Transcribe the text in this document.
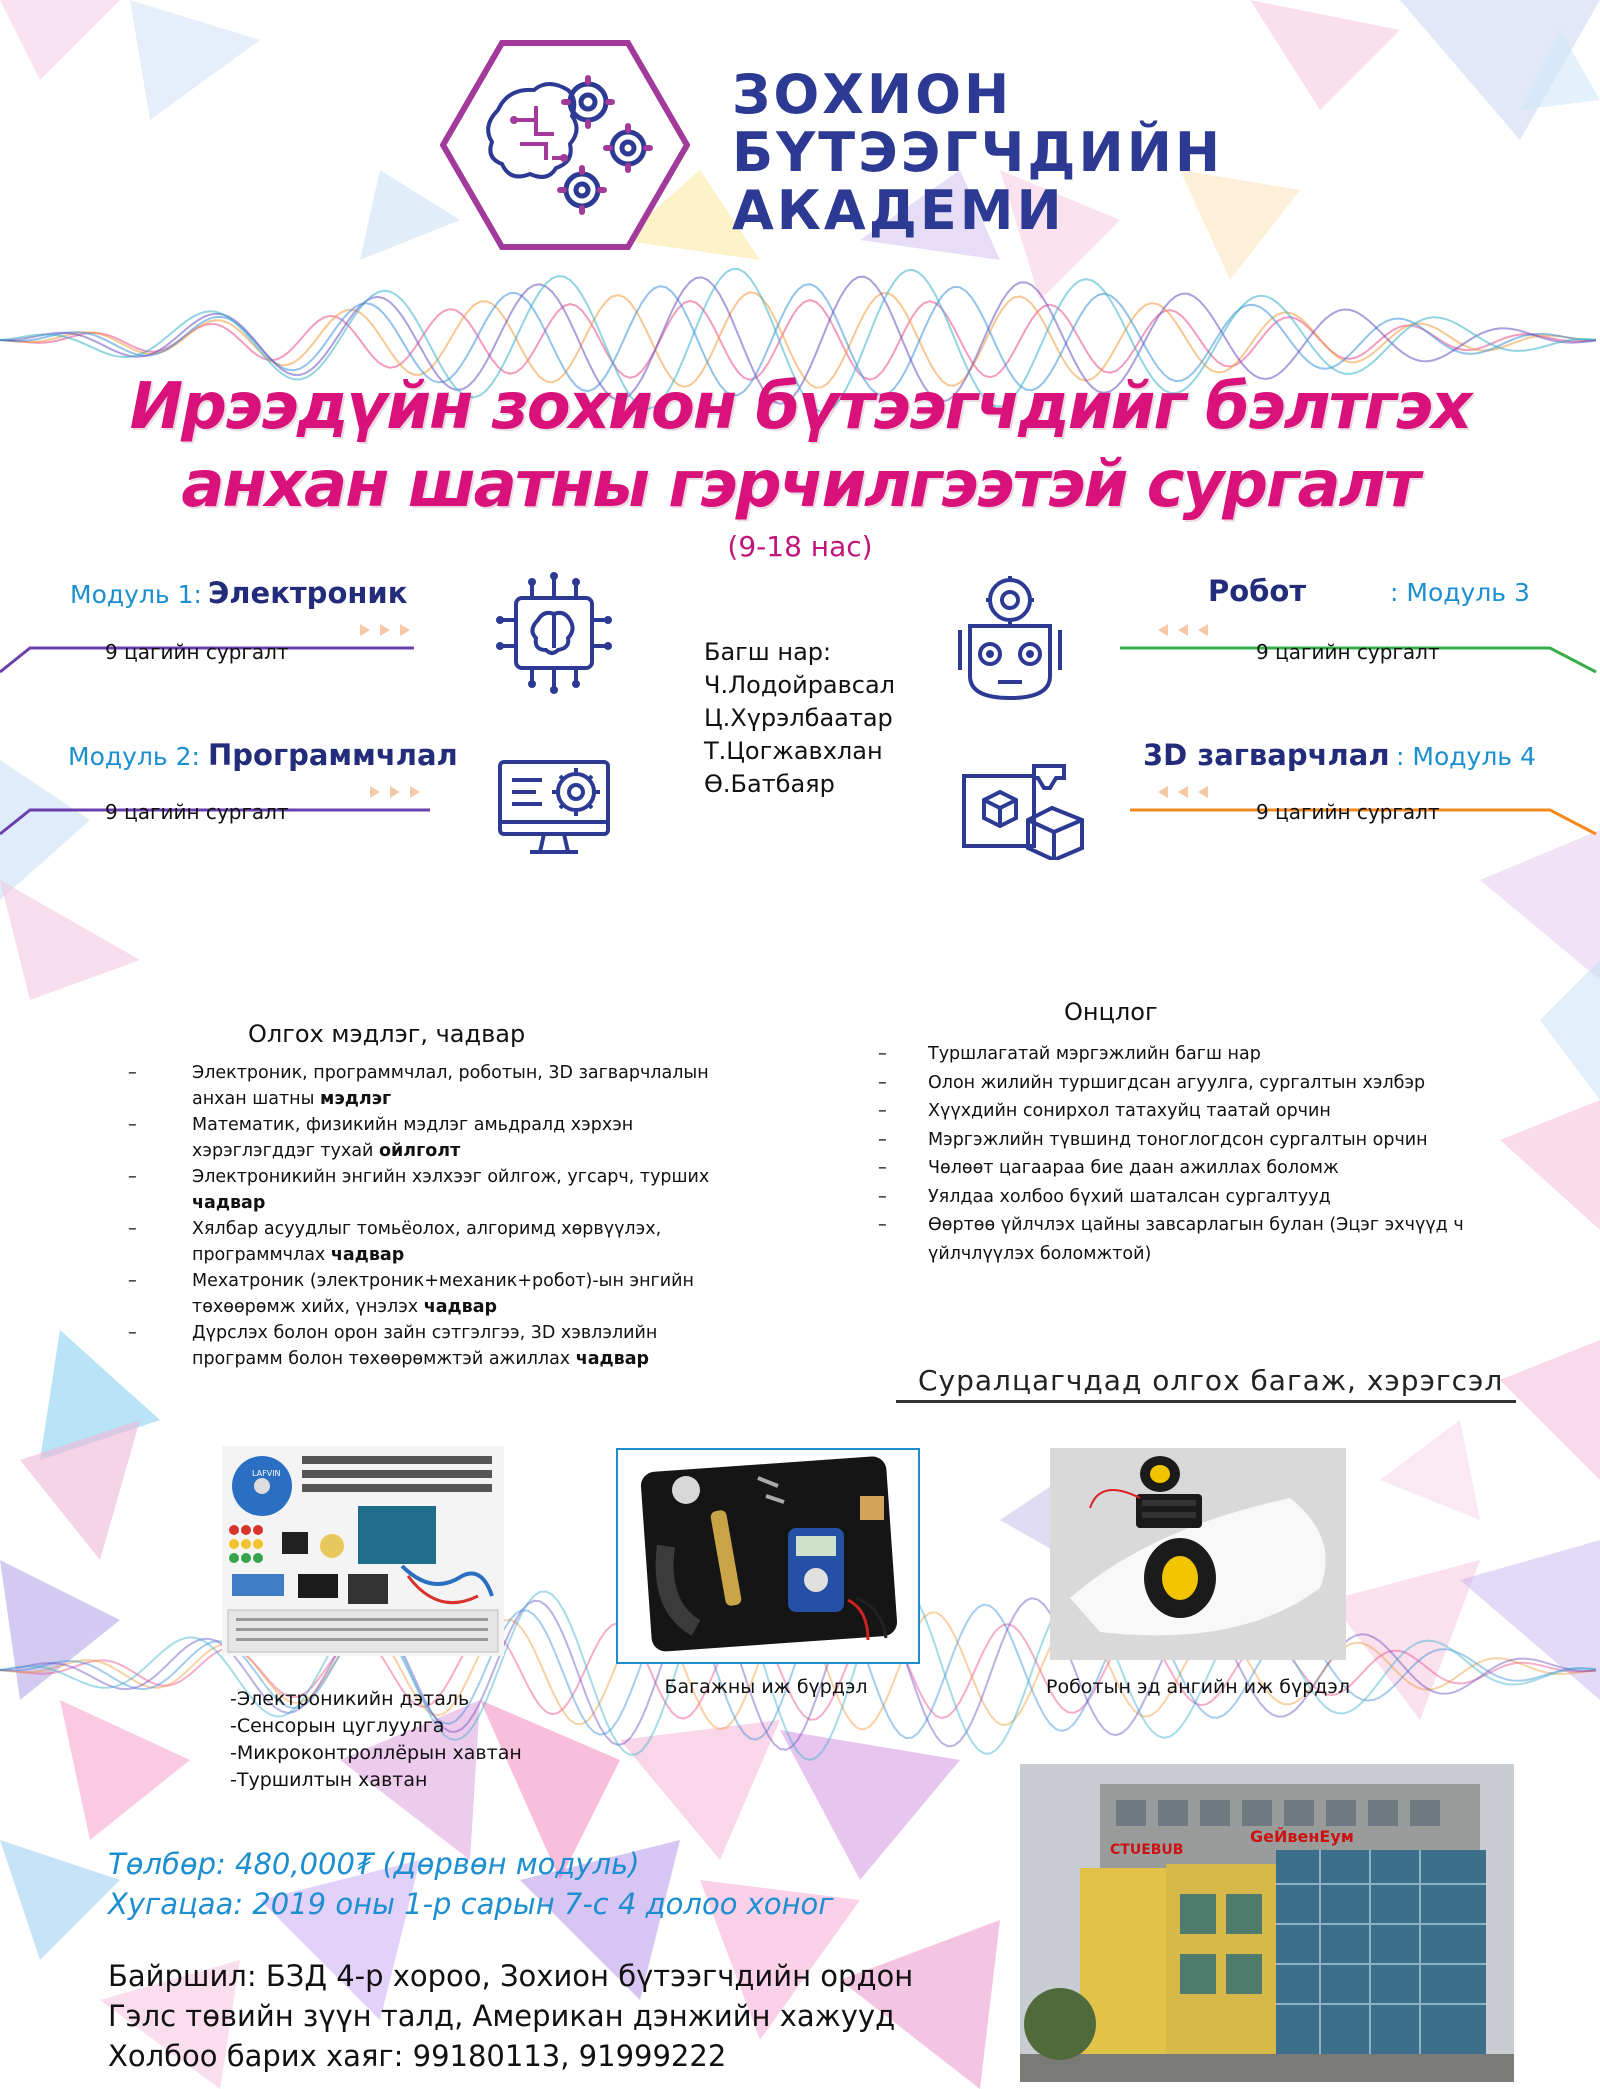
ЗОХИОН
БҮТЭЭГЧДИЙН
АКАДЕМИ
Ирээдүйн зохион бүтээгчдийг бэлтгэх
анхан шатны гэрчилгээтэй сургалт
(9-18 нас)
Модуль 1: Электроник
9 цагийн сургалт
Модуль 2: Программчлал
9 цагийн сургалт
Робот	: Модуль 3
9 цагийн сургалт
3D загварчлал : Модуль 4
9 цагийн сургалт
Багш нар:
Ч.Лодойравсал
Ц.Хүрэлбаатар
Т.Цогжавхлан
Ө.Батбаяр
Олгох мэдлэг, чадвар
–	Электроник, программчлал, роботын, 3D загварчлалын анхан шатны мэдлэг
–	Математик, физикийн мэдлэг амьдралд хэрхэн хэрэглэгддэг тухай ойлголт
–	Электроникийн энгийн хэлхээг ойлгож, угсарч, турших чадвар
–	Хялбар асуудлыг томьёолох, алгоримд хөрвүүлэх, программчлах чадвар
–	Мехатроник (электроник+механик+робот)-ын энгийн төхөөрөмж хийх, үнэлэх чадвар
–	Дүрслэх болон орон зайн сэтгэлгээ, 3D хэвлэлийн программ болон төхөөрөмжтэй ажиллах чадвар
Онцлог
– Туршлагатай мэргэжлийн багш нар
– Олон жилийн туршигдсан агуулга, сургалтын хэлбэр
– Хүүхдийн сонирхол татахуйц таатай орчин
– Мэргэжлийн түвшинд тоноглогдсон сургалтын орчин
– Чөлөөт цагаараа бие даан ажиллах боломж
– Уялдаа холбоо бүхий шаталсан сургалтууд
– Өөртөө үйлчлэх цайны завсарлагын булан (Эцэг эхчүүд ч үйлчлүүлэх боломжтой)
Суралцагчдад олгох багаж, хэрэгсэл
LAFVIN
-Электроникийн дэталь
-Сенсорын цуглуулга
-Микроконтроллёрын хавтан
-Туршилтын хавтан
Багажны иж бүрдэл	Роботын эд ангийн иж бүрдэл
CTUEBUB
GeЙвенЕум
Төлбөр: 480,000₮ (Дөрвөн модуль)
Хугацаа: 2019 оны 1-р сарын 7-с 4 долоо хоног
Байршил: БЗД 4-р хороо, Зохион бүтээгчдийн ордон
Гэлс төвийн зүүн талд, Американ дэнжийн хажууд
Холбоо барих хаяг: 99180113, 91999222
